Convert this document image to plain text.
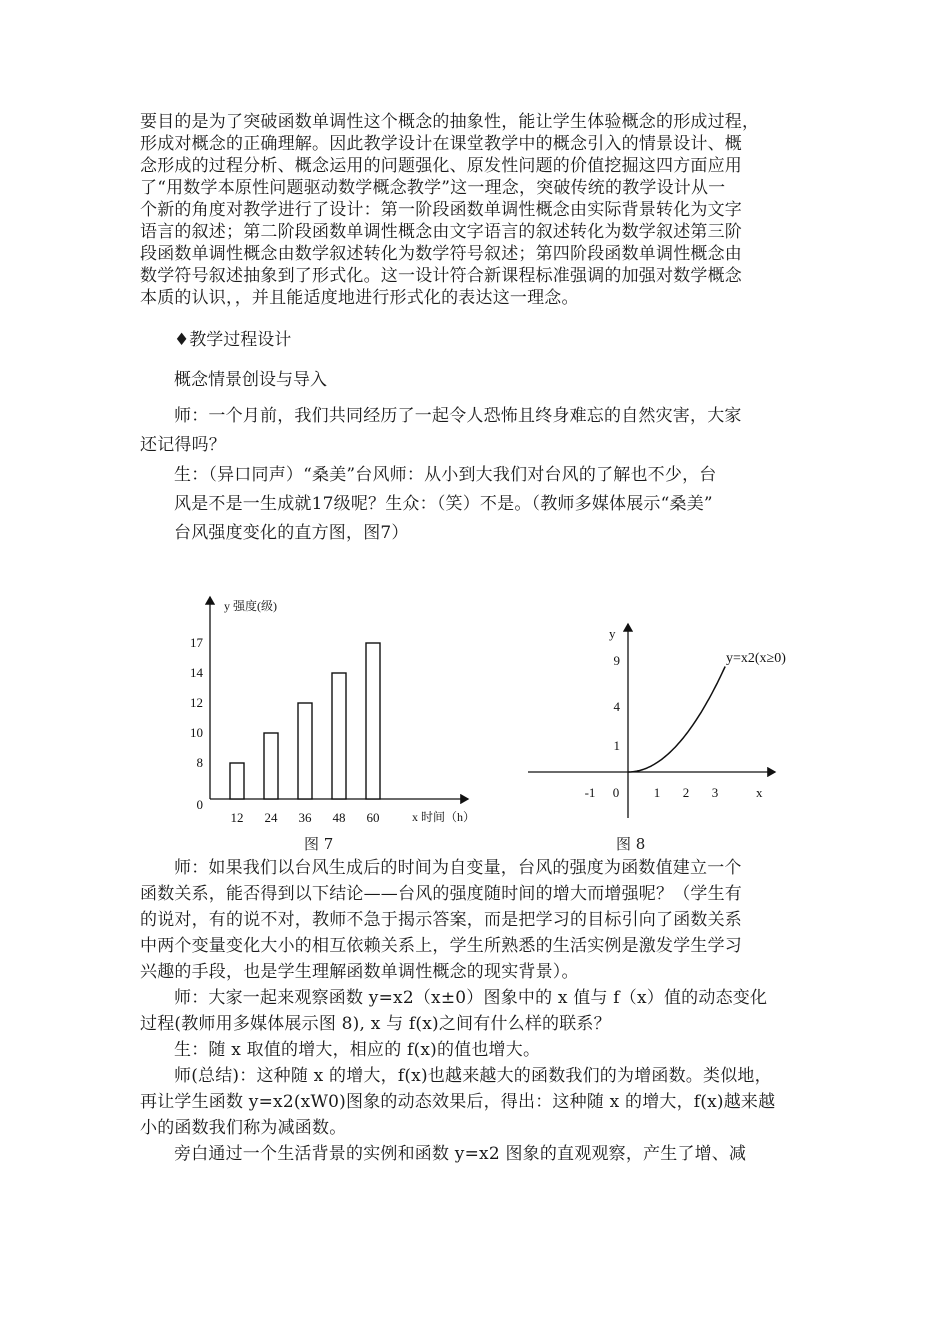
要目的是为了突破函数单调性这个概念的抽象性，能让学生体验概念的形成过程，
形成对概念的正确理解。因此教学设计在课堂教学中的概念引入的情景设计、概
念形成的过程分析、概念运用的问题强化、原发性问题的价值挖掘这四方面应用
了“用数学本原性问题驱动数学概念教学”这一理念，突破传统的教学设计从一
个新的角度对教学进行了设计：第一阶段函数单调性概念由实际背景转化为文字
语言的叙述；第二阶段函数单调性概念由文字语言的叙述转化为数学叙述第三阶
段函数单调性概念由数学叙述转化为数学符号叙述；第四阶段函数单调性概念由
数学符号叙述抽象到了形式化。这一设计符合新课程标准强调的加强对数学概念
本质的认识，，并且能适度地进行形式化的表达这一理念。
♦教学过程设计
概念情景创设与导入
师：一个月前，我们共同经历了一起令人恐怖且终身难忘的自然灾害，大家
还记得吗？
生：（异口同声）“桑美”台风师：从小到大我们对台风的了解也不少，台
风是不是一生成就17级呢？生众：（笑）不是。（教师多媒体展示“桑美”
台风强度变化的直方图，图7）
y 强度(级)
x 时间（h）
0
8
10
12
14
17
12 24 36 48 60
图 7
y
x
y=x2(x≥0)
-1 0	1 2 3
1
4
9
图 8
师：如果我们以台风生成后的时间为自变量，台风的强度为函数值建立一个
函数关系，能否得到以下结论——台风的强度随时间的增大而增强呢？（学生有
的说对，有的说不对，教师不急于揭示答案，而是把学习的目标引向了函数关系
中两个变量变化大小的相互依赖关系上，学生所熟悉的生活实例是激发学生学习
兴趣的手段，也是学生理解函数单调性概念的现实背景）。
师：大家一起来观察函数 y=x2（x±0）图象中的 x 值与 f（x）值的动态变化
过程(教师用多媒体展示图 8), x 与 f(x)之间有什么样的联系？
生：随 x 取值的增大，相应的 f(x)的值也增大。
师(总结)：这种随 x 的增大，f(x)也越来越大的函数我们的为增函数。类似地，
再让学生函数 y=x2(xW0)图象的动态效果后，得出：这种随 x 的增大，f(x)越来越
小的函数我们称为减函数。
旁白通过一个生活背景的实例和函数 y=x2 图象的直观观察，产生了增、减
